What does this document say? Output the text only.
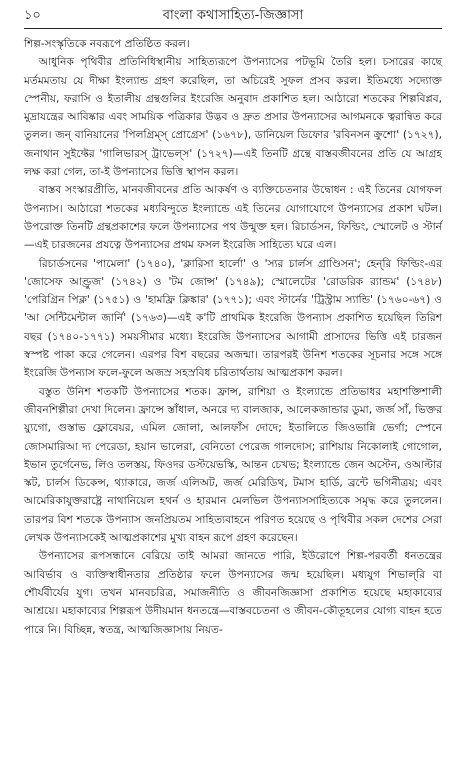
১০	বাংলা কথাসাহিত্য-জিজ্ঞাসা

শিল্প-সংস্কৃতিকে নবরূপে প্রতিষ্ঠিত করল।

আধুনিক পৃথিবীর প্রতিনিধিস্থানীয় সাহিত্যরূপে উপন্যাসের পটভূমি তৈরি হল। চসারের কাছে মর্তমমতায় যে দীক্ষা ইংল্যান্ড গ্রহণ করেছিল, তা অচিরেই সুফল প্রসব করল। ইতিমধ্যে সদ্যোক্ত স্পেনীয়, ফরাসি ও ইতালীয় গ্রন্থগুলির ইংরেজি অনুবাদ প্রকাশিত হল। আঠারো শতকের শিল্পবিপ্লব, মুদ্রাযন্ত্রের আবিষ্কার এবং সাময়িক পত্রিকার উদ্ভব ও দ্রুত প্রসার উপন্যাসের আগমনকে ত্বরান্বিত করে তুলল। জন্ বানিয়ানের 'পিলগ্রিম্স্ প্রোগ্রেস' (১৬৭৮), ডানিয়েল ডিফোর 'রবিনসন ক্রুশো' (১৭২৭), জনাথান সুইফ্টের 'গালিভারস্ ট্রাভেল্স' (১৭২৭)—এই তিনটি গ্রন্থে বাস্তবজীবনের প্রতি যে আগ্রহ লক্ষ করা গেল, তা-ই উপন্যাসের ভিত্তি স্থাপন করল।

বাস্তব সংস্কারপ্রীতি, মানবজীবনের প্রতি আকর্ষণ ও ব্যক্তিচেতনার উদ্বোধন : এই তিনের যোগফল উপন্যাস। আঠারো শতকের মধ্যবিন্দুতে ইংল্যান্ডে এই তিনের যোগাযোগে উপন্যাসের প্রকাশ ঘটল। উপরোক্ত তিনটি গ্রন্থপ্রকাশের ফলে উপন্যাসের পথ উন্মুক্ত হল। রিচার্ডসন, ফিল্ডিং, স্মোলেট ও স্টার্ন —এই চারজনের প্রযত্নে উপন্যাসের প্রথম ফসল ইংরেজি সাহিত্যে ঘরে এল।

রিচার্ডসনের 'পামেলা' (১৭৪০), 'ক্লারিসা হার্লো' ও 'স্যর চার্লস গ্রাণ্ডিসন'; হেন্‌রি ফিল্ডিং-এর 'জোসেফ আণ্ড্রুজ' (১৭৪২) ও 'টম জোন্স' (১৭৪৯); স্মোলেটের 'রোডরিক র‍্যান্ডম' (১৭৪৮) 'পেরিগ্রিন পিক্ল' (১৭৫১) ও 'হামফ্রি ক্লিঙ্কার' (১৭৭১); এবং স্টার্নের 'ট্রিস্ট্রাম স্যান্ডি' (১৭৬০-৬৭) ও 'আ সেন্টিমেন্টাল জার্নি' (১৭৬৩)—এই ক'টি প্রাথমিক ইংরেজি উপন্যাস প্রকাশিত হয়েছিল তিরিশ বছর (১৭৪০-১৭৭১) সময়সীমার মধ্যে। ইংরেজি উপন্যাসের আগামী প্রাসাদের ভিত্তি এই চারজন স্বস্পষ্ট পাকা করে গেলেন। এরপর বিশ বছরের অজন্মা। তারপরই উনিশ শতকের সূচনার সঙ্গে সঙ্গে ইংরেজি উপন্যাস ফলে-ফুলে অজস্র সহস্রবিধ চরিতার্থতায় আত্মপ্রকাশ করল।

বস্তুত উনিশ শতকটি উপন্যাসের শতক। ফ্রান্স, রাশিয়া ও ইংল্যান্ডে প্রতিভাধর মহাশক্তিশালী জীবনশিল্পীরা দেখা দিলেন। ফ্রান্সে স্তাঁধাল, অনরে দ্য বালজাক, আলেকজান্ডার ডুমা, জর্জ সাঁ, ভিক্তর য়্যুগো, গুস্তাভ ফ্লোবেয়র, এমিল জোলা, আলফাঁস দোদে; ইতালিতে জিওভান্নি ভের্গা; স্পেনে জোসমারিআ দ্য পেরেডা, হয়ান ভালেরা, বেনিতো পেরেজ গালদোস; রাশিয়ায় নিকোলাই গোগোল, ইভান তুর্গেনেভ, লিও তলস্তয়, ফিওদর ডস্টয়েভস্কি, আন্তন চেখভ; ইংল্যান্ডে জেন অস্টেন, ওআল্টার স্কট, চার্লস ডিকেন্স, থ্যাকারে, জর্জ এলিঅট, জর্জ মেরিডিথ, টমাস হার্ডি, ব্রন্টে ভগিনীত্রয়; এবং আমেরিকাযুক্তরাষ্ট্রে নাথানিয়েল হথর্ন ও হারমান মেলভিল উপন্যাসসাহিত্যকে সমৃদ্ধ করে তুললেন। তারপর বিশ শতকে উপন্যাস জনপ্রিয়তম সাহিত্যবাহনে পরিণত হয়েছে ও পৃথিবীর সকল দেশের সেরা লেখক উপন্যাসকেই আত্মপ্রকাশের মুখ্য বাহন রূপে গ্রহণ করেছেন।

উপন্যাসের রূপসন্ধানে বেরিয়ে তাই আমরা জানতে পারি, ইউরোপে শিল্প-পরবর্তী ধনতন্ত্রের আবির্ভাব ও ব্যক্তিস্বাধীনতার প্রতিষ্ঠার ফলে উপন্যাসের জন্ম হয়েছিল। মধ্যযুগ শিভাল্‌রি বা শৌর্যবীর্যের যুগ। তখন মানবচরিত্র, সমাজনীতি ও জীবনজিজ্ঞাসা প্রকাশিত হয়েছে মহাকাব্যের আশ্রয়ে। মহাকাব্যের শিল্পরূপ উদীয়মান ধনতন্ত্রে—বাস্তবচেতনা ও জীবন-কৌতূহলের যোগ্য বাহন হতে পারে নি। বিচ্ছিন্ন, স্বতন্ত্র, আত্মজিজ্ঞাসায় নিয়ত-
